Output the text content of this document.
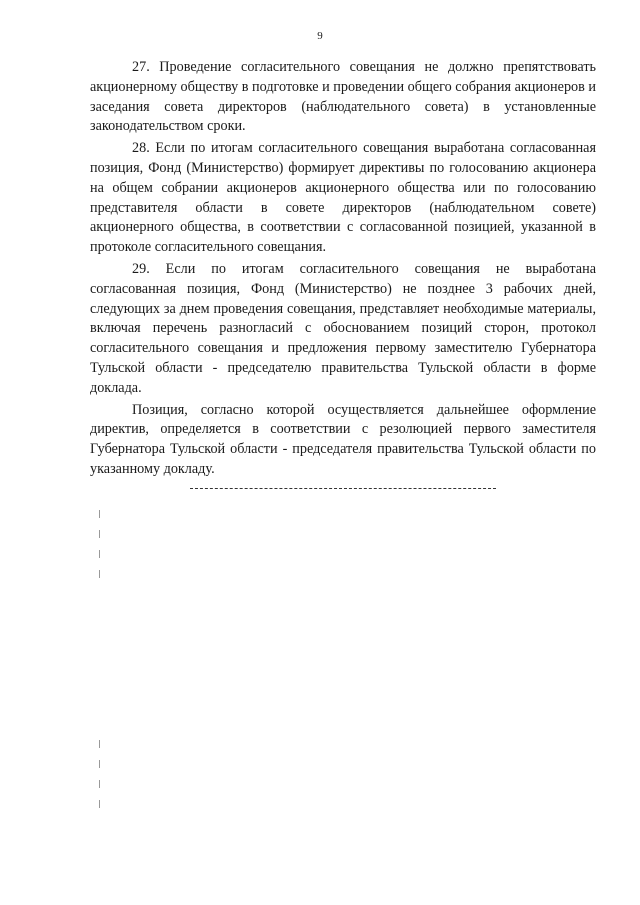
9

27. Проведение согласительного совещания не должно препятствовать акционерному обществу в подготовке и проведении общего собрания акционеров и заседания совета директоров (наблюдательного совета) в установленные законодательством сроки.

28. Если по итогам согласительного совещания выработана согласованная позиция, Фонд (Министерство) формирует директивы по голосованию акционера на общем собрании акционеров акционерного общества или по голосованию представителя области в совете директоров (наблюдательном совете) акционерного общества, в соответствии с согласованной позицией, указанной в протоколе согласительного совещания.

29. Если по итогам согласительного совещания не выработана согласованная позиция, Фонд (Министерство) не позднее 3 рабочих дней, следующих за днем проведения совещания, представляет необходимые материалы, включая перечень разногласий с обоснованием позиций сторон, протокол согласительного совещания и предложения первому заместителю Губернатора Тульской области - председателю правительства Тульской области в форме доклада.

Позиция, согласно которой осуществляется дальнейшее оформление директив, определяется в соответствии с резолюцией первого заместителя Губернатора Тульской области - председателя правительства Тульской области по указанному докладу.
